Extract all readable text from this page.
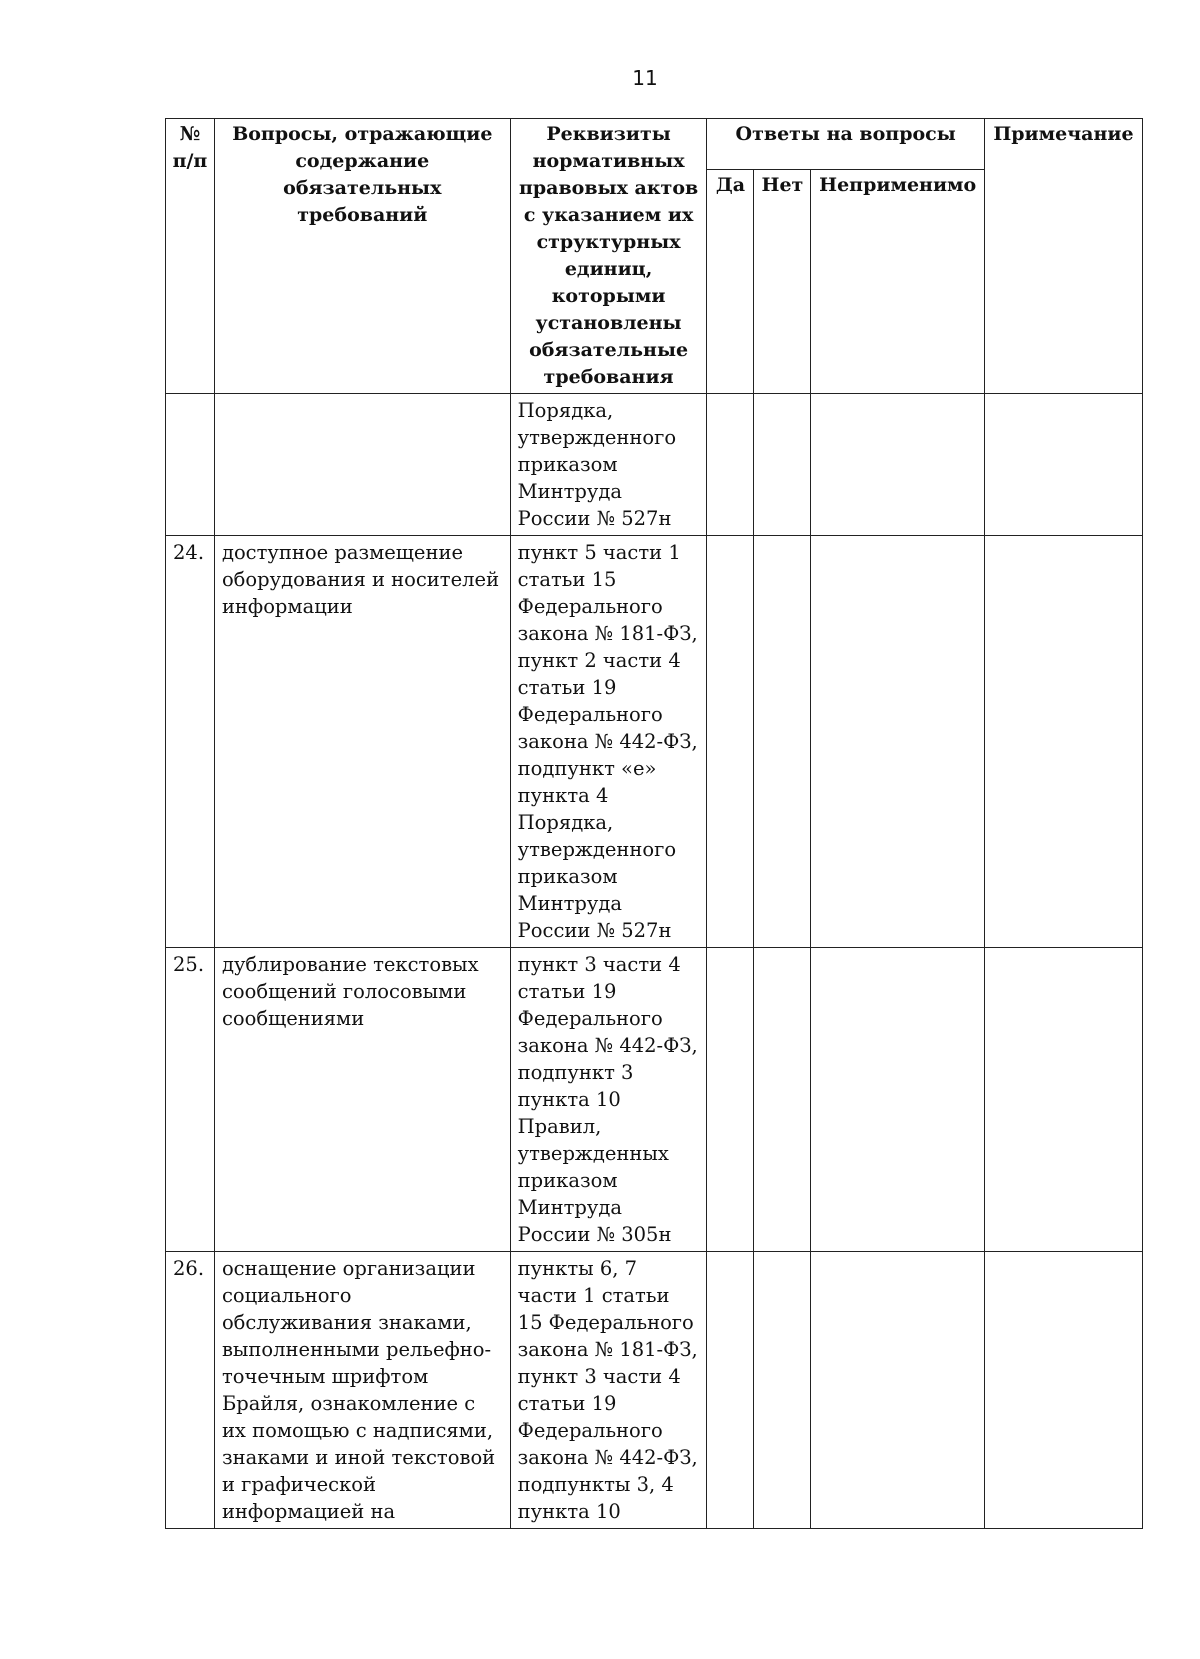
11
№ п/п	Вопросы, отражающие содержание обязательных требований	Реквизиты нормативных правовых актов с указанием их структурных единиц, которыми установлены обязательные требования	Ответы на вопросы			Примечание
			Да	Нет	Неприменимо	
		Порядка, утвержденного приказом Минтруда России № 527н				
24.	доступное размещение оборудования и носителей информации	пункт 5 части 1 статьи 15 Федерального закона № 181-ФЗ, пункт 2 части 4 статьи 19 Федерального закона № 442-ФЗ, подпункт «е» пункта 4 Порядка, утвержденного приказом Минтруда России № 527н				
25.	дублирование текстовых сообщений голосовыми сообщениями	пункт 3 части 4 статьи 19 Федерального закона № 442-ФЗ, подпункт 3 пункта 10 Правил, утвержденных приказом Минтруда России № 305н				
26.	оснащение организации социального обслуживания знаками, выполненными рельефно-точечным шрифтом Брайля, ознакомление с их помощью с надписями, знаками и иной текстовой и графической информацией на	пункты 6, 7 части 1 статьи 15 Федерального закона № 181-ФЗ, пункт 3 части 4 статьи 19 Федерального закона № 442-ФЗ, подпункты 3, 4 пункта 10				
